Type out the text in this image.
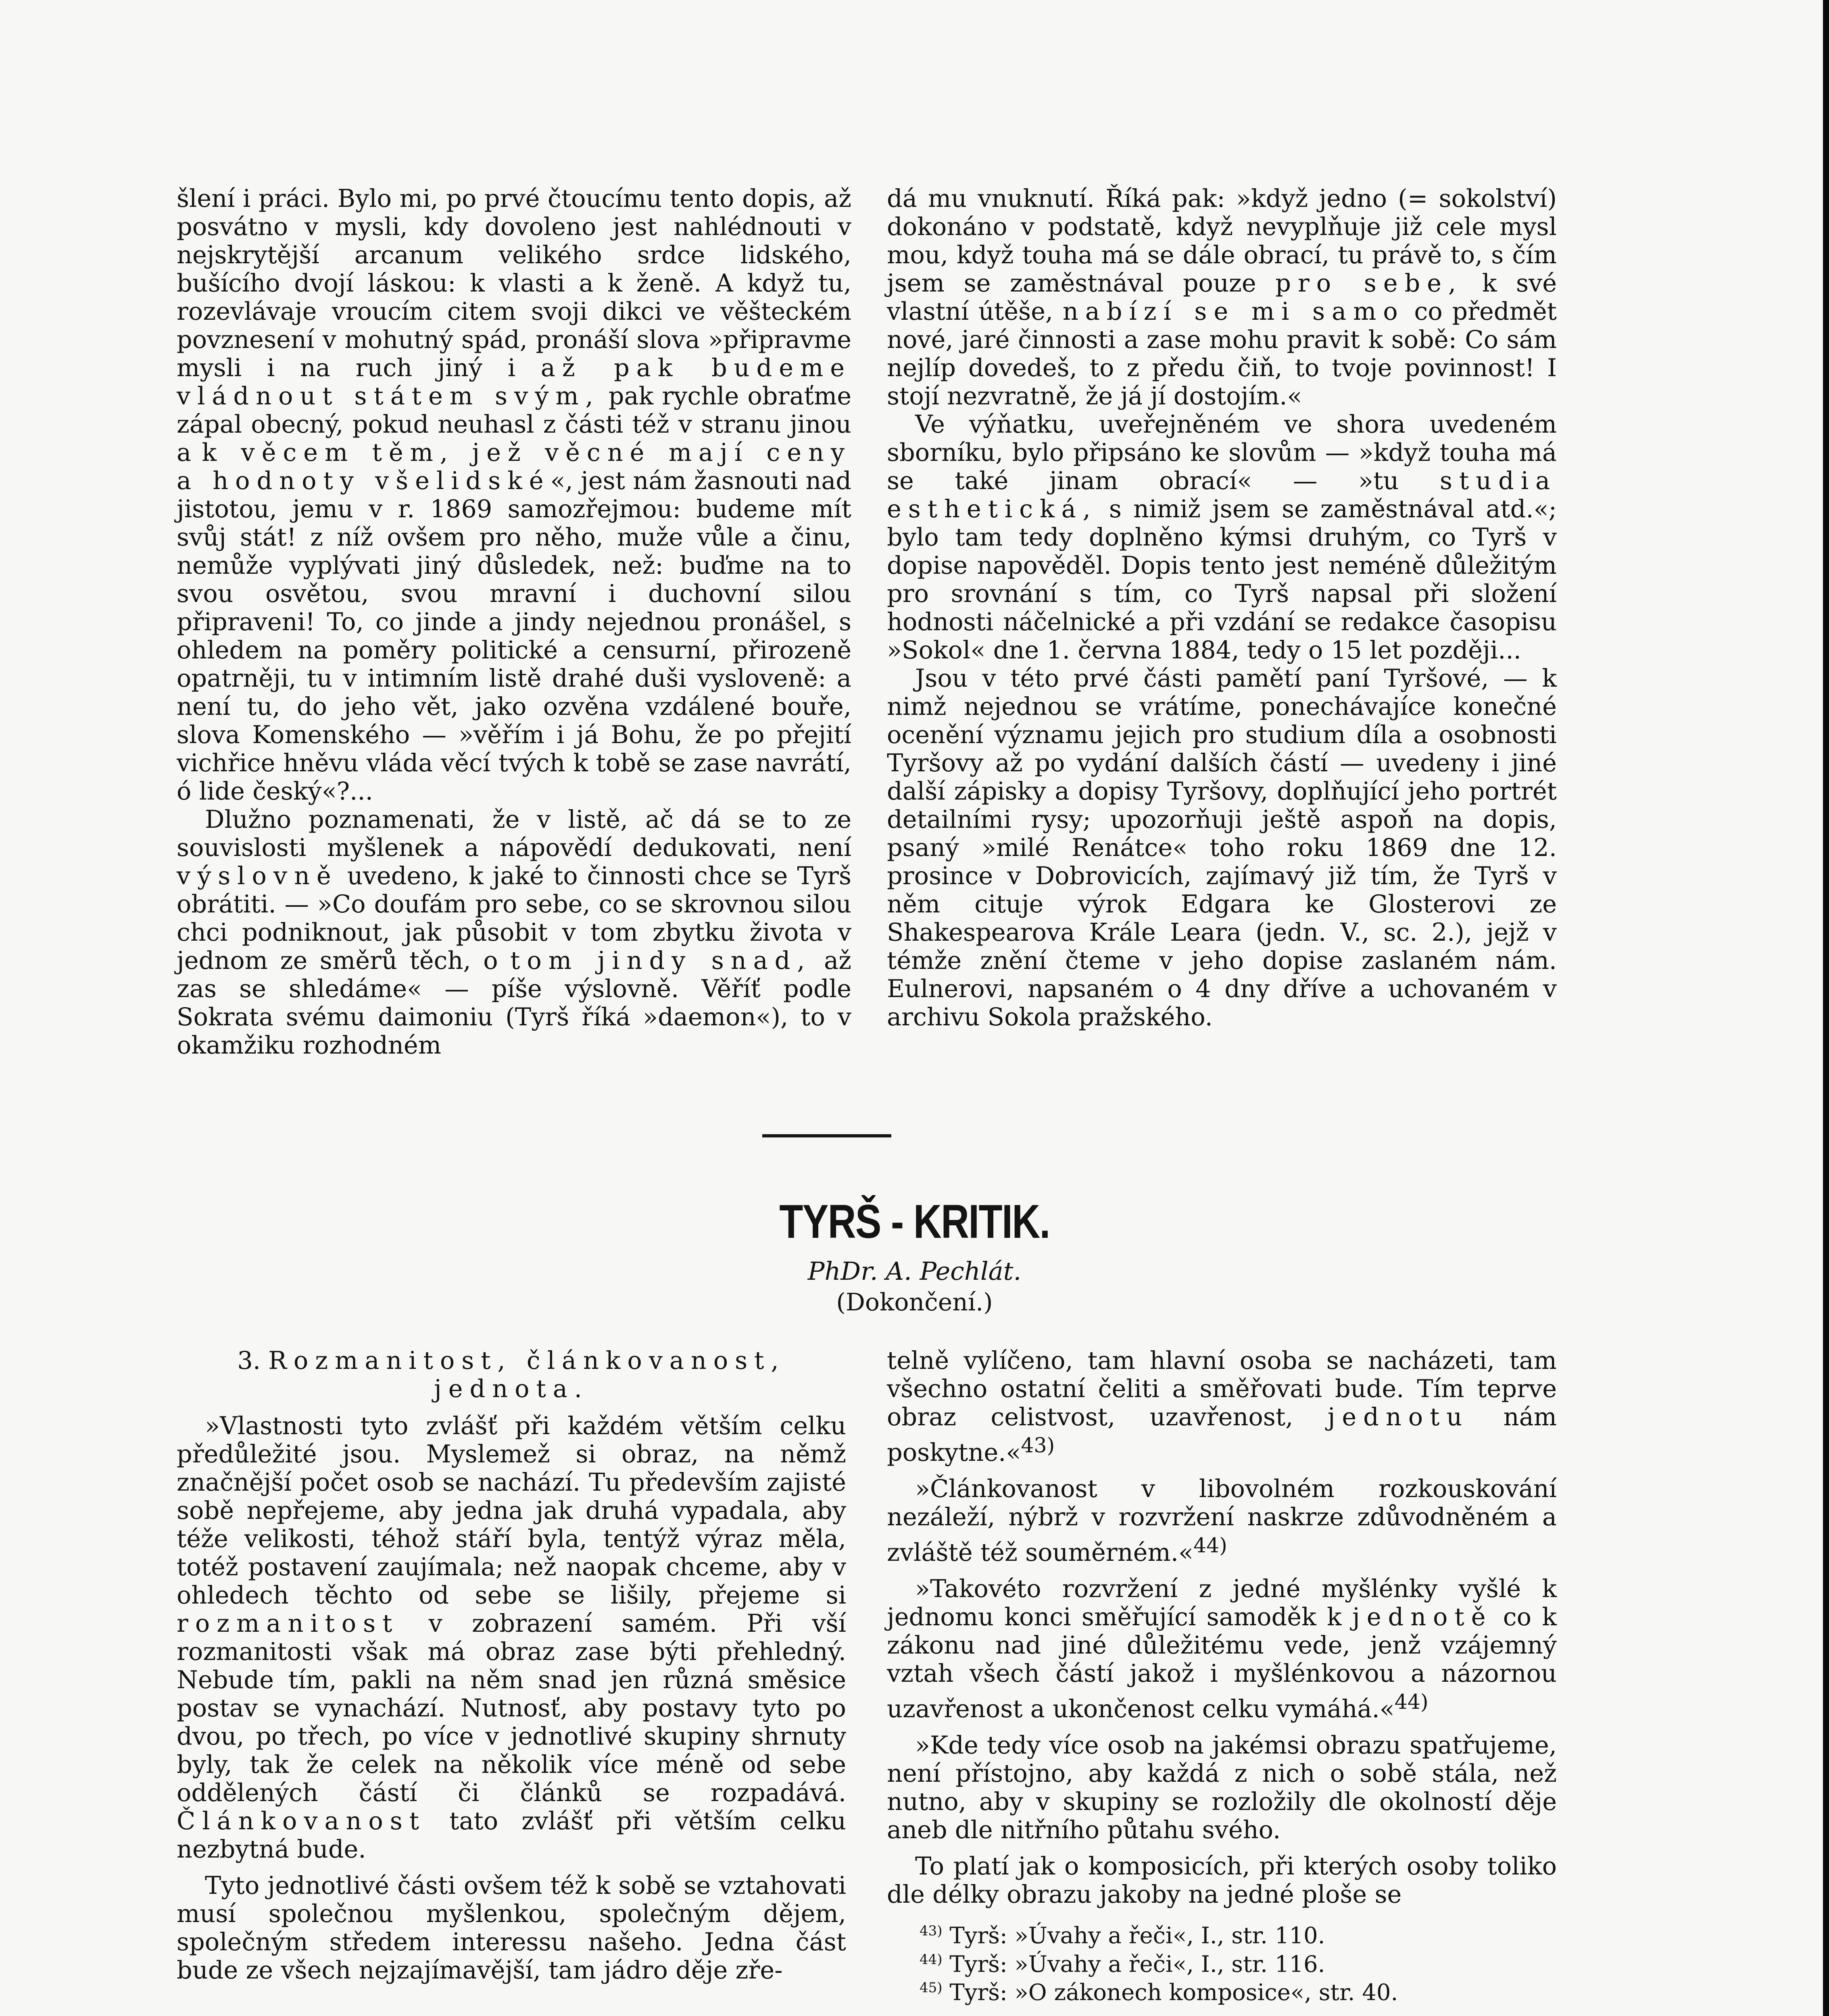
šlení i práci. Bylo mi, po prvé čtoucímu tento dopis, až posvátno v mysli, kdy dovoleno jest nahlédnouti v nejskrytější arcanum velikého srdce lidského, bušícího dvojí láskou: k vlasti a k ženě. A když tu, rozevlávaje vroucím citem svoji dikci ve věšteckém povznesení v mohutný spád, pronáší slova »připravme mysli i na ruch jiný i až pak budeme vládnout státem svým, pak rychle obraťme zápal obecný, pokud neuhasl z části též v stranu jinou a k věcem těm, jež věcné mají ceny a hodnoty všelidské«, jest nám žasnouti nad jistotou, jemu v r. 1869 samozřejmou: budeme mít svůj stát! z níž ovšem pro něho, muže vůle a činu, nemůže vyplývati jiný důsledek, než: buďme na to svou osvětou, svou mravní i duchovní silou připraveni! To, co jinde a jindy nejednou pronášel, s ohledem na poměry politické a censurní, přirozeně opatrněji, tu v intimním listě drahé duši vysloveně: a není tu, do jeho vět, jako ozvěna vzdálené bouře, slova Komenského — »věřím i já Bohu, že po přejití vichřice hněvu vláda věcí tvých k tobě se zase navrátí, ó lide český«?...

Dlužno poznamenati, že v listě, ač dá se to ze souvislosti myšlenek a nápovědí dedukovati, není výslovně uvedeno, k jaké to činnosti chce se Tyrš obrátiti. — »Co doufám pro sebe, co se skrovnou silou chci podniknout, jak působit v tom zbytku života v jednom ze směrů těch, o tom jindy snad, až zas se shledáme« — píše výslovně. Věříť podle Sokrata svému daimoniu (Tyrš říká »daemon«), to v okamžiku rozhodném

dá mu vnuknutí. Říká pak: »když jedno (= sokolství) dokonáno v podstatě, když nevyplňuje již cele mysl mou, když touha má se dále obrací, tu právě to, s čím jsem se zaměstnával pouze pro sebe, k své vlastní útěše, nabízí se mi samo co předmět nové, jaré činnosti a zase mohu pravit k sobě: Co sám nejlíp dovedeš, to z předu čiň, to tvoje povinnost! I stojí nezvratně, že já jí dostojím.«

Ve výňatku, uveřejněném ve shora uvedeném sborníku, bylo připsáno ke slovům — »když touha má se také jinam obrací« — »tu studia esthetická, s nimiž jsem se zaměstnával atd.«; bylo tam tedy doplněno kýmsi druhým, co Tyrš v dopise napověděl. Dopis tento jest neméně důležitým pro srovnání s tím, co Tyrš napsal při složení hodnosti náčelnické a při vzdání se redakce časopisu »Sokol« dne 1. června 1884, tedy o 15 let později...

Jsou v této prvé části pamětí paní Tyršové, — k nimž nejednou se vrátíme, ponechávajíce konečné ocenění významu jejich pro studium díla a osobnosti Tyršovy až po vydání dalších částí — uvedeny i jiné další zápisky a dopisy Tyršovy, doplňující jeho portrét detailními rysy; upozorňuji ještě aspoň na dopis, psaný »milé Renátce« toho roku 1869 dne 12. prosince v Dobrovicích, zajímavý již tím, že Tyrš v něm cituje výrok Edgara ke Glosterovi ze Shakespearova Krále Leara (jedn. V., sc. 2.), jejž v témže znění čteme v jeho dopise zaslaném nám. Eulnerovi, napsaném o 4 dny dříve a uchovaném v archivu Sokola pražského.

TYRŠ - KRITIK.
PhDr. A. Pechlát.
(Dokončení.)

3. Rozmanitost, článkovanost, jednota.

»Vlastnosti tyto zvlášť při každém větším celku předůležité jsou. Myslemež si obraz, na němž značnější počet osob se nachází. Tu především zajisté sobě nepřejeme, aby jedna jak druhá vypadala, aby téže velikosti, téhož stáří byla, tentýž výraz měla, totéž postavení zaujímala; než naopak chceme, aby v ohledech těchto od sebe se lišily, přejeme si rozmanitost v zobrazení samém. Při vší rozmanitosti však má obraz zase býti přehledný. Nebude tím, pakli na něm snad jen různá směsice postav se vynachází. Nutnosť, aby postavy tyto po dvou, po třech, po více v jednotlivé skupiny shrnuty byly, tak že celek na několik více méně od sebe oddělených částí či článků se rozpadává. Článkovanost tato zvlášť při větším celku nezbytná bude.

Tyto jednotlivé části ovšem též k sobě se vztahovati musí společnou myšlenkou, společným dějem, společným středem interessu našeho. Jedna část bude ze všech nejzajímavější, tam jádro děje zře-

telně vylíčeno, tam hlavní osoba se nacházeti, tam všechno ostatní čeliti a směřovati bude. Tím teprve obraz celistvost, uzavřenost, jednotu nám poskytne.«$^{43)}$

»Článkovanost v libovolném rozkouskování nezáleží, nýbrž v rozvržení naskrze zdůvodněném a zvláště též souměrném.«$^{44)}$

»Takovéto rozvržení z jedné myšlénky vyšlé k jednomu konci směřující samoděk k jednotě co k zákonu nad jiné důležitému vede, jenž vzájemný vztah všech částí jakož i myšlénkovou a názornou uzavřenost a ukončenost celku vymáhá.«$^{44)}$

»Kde tedy více osob na jakémsi obrazu spatřujeme, není přístojno, aby každá z nich o sobě stála, než nutno, aby v skupiny se rozložily dle okolností děje aneb dle nitřního půtahu svého.

To platí jak o komposicích, při kterých osoby toliko dle délky obrazu jakoby na jedné ploše se

$^{43)}$ Tyrš: »Úvahy a řeči«, I., str. 110.
$^{44)}$ Tyrš: »Úvahy a řeči«, I., str. 116.
$^{45)}$ Tyrš: »O zákonech komposice«, str. 40.
